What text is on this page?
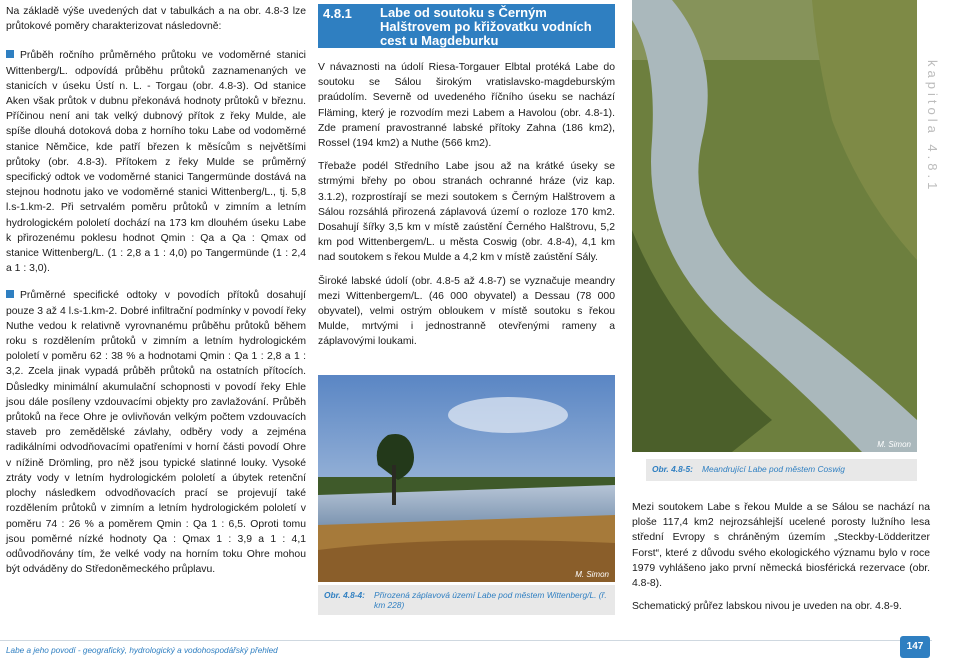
Na základě výše uvedených dat v tabulkách a na obr. 4.8-3 lze průtokové poměry charakterizovat následovně:

Průběh ročního průměrného průtoku ve vodoměrné stanici Wittenberg/L. odpovídá průběhu průtoků zaznamenaných ve stanicích v úseku Ústí n. L. - Torgau (obr. 4.8-3). Od stanice Aken však průtok v dubnu překonává hodnoty průtoků v březnu. Příčinou není ani tak velký dubnový přítok z řeky Mulde, ale spíše dlouhá dotoková doba z horního toku Labe od vodoměrné stanice Němčice, kde patří březen k měsícům s největšími průtoky (obr. 4.8-3). Přítokem z řeky Mulde se průměrný specifický odtok ve vodoměrné stanici Tangermünde dostává na stejnou hodnotu jako ve vodoměrné stanici Wittenberg/L., tj. 5,8 l.s-1.km-2. Při setrvalém poměru průtoků v zimním a letním hydrologickém pololetí dochází na 173 km dlouhém úseku Labe k přirozenému poklesu hodnot Qmin : Qa a Qa : Qmax od stanice Wittenberg/L. (1 : 2,8 a 1 : 4,0) po Tangermünde (1 : 2,4 a 1 : 3,0).

Průměrné specifické odtoky v povodích přítoků dosahují pouze 3 až 4 l.s-1.km-2. Dobré infiltrační podmínky v povodí řeky Nuthe vedou k relativně vyrovnanému průběhu průtoků během roku s rozdělením průtoků v zimním a letním hydrologickém pololetí v poměru 62 : 38 % a hodnotami Qmin : Qa 1 : 2,8 a 1 : 3,2. Zcela jinak vypadá průběh průtoků na ostatních přítocích. Důsledky minimální akumulační schopnosti v povodí řeky Ehle jsou dále posíleny vzdouvacími objekty pro zavlažování. Průběh průtoků na řece Ohre je ovlivňován velkým počtem vzdouvacích staveb pro zemědělské závlahy, odběry vody a zejména radikálními odvodňovacími opatřeními v horní části povodí Ohre v nížině Drömling, pro něž jsou typické slatinné louky. Vysoké ztráty vody v letním hydrologickém pololetí a úbytek retenční plochy následkem odvodňovacích prací se projevují také rozdělením průtoků v zimním a letním hydrologickém pololetí v poměru 74 : 26 % a poměrem Qmin : Qa 1 : 6,5. Oproti tomu jsou poměrné nízké hodnoty Qa : Qmax 1 : 3,9 a 1 : 4,1 odůvodňovány tím, že velké vody na horním toku Ohre mohou být odváděny do Středoněmeckého průplavu.

4.8.1 Labe od soutoku s Černým Halštrovem po křižovatku vodních cest u Magdeburku

V návaznosti na údolí Riesa-Torgauer Elbtal protéká Labe do soutoku se Sálou širokým vratislavsko-magdeburským praúdolím. Severně od uvedeného říčního úseku se nachází Fläming, který je rozvodím mezi Labem a Havolou (obr. 4.8-1). Zde pramení pravostranné labské přítoky Zahna (186 km2), Rossel (194 km2) a Nuthe (566 km2).

Třebaže podél Středního Labe jsou až na krátké úseky se strmými břehy po obou stranách ochranné hráze (viz kap. 3.1.2), rozprostírají se mezi soutokem s Černým Halštrovem a Sálou rozsáhlá přirozená záplavová území o rozloze 170 km2. Dosahují šířky 3,5 km v místě zaústění Černého Halštrovu, 5,2 km pod Wittenbergem/L. u města Coswig (obr. 4.8-4), 4,1 km nad soutokem s řekou Mulde a 4,2 km v místě zaústění Sály.

Široké labské údolí (obr. 4.8-5 až 4.8-7) se vyznačuje meandry mezi Wittenbergem/L. (46 000 obyvatel) a Dessau (78 000 obyvatel), velmi ostrým obloukem v místě soutoku s řekou Mulde, mrtvými i jednostranně otevřenými rameny a záplavovými loukami.

M. Simon
Obr. 4.8-4: Přirozená záplavová území Labe pod městem Wittenberg/L. (ř. km 228)
M. Simon
Obr. 4.8-5: Meandrující Labe pod městem Coswig

Mezi soutokem Labe s řekou Mulde a se Sálou se nachází na ploše 117,4 km2 nejrozsáhlejší ucelené porosty lužního lesa střední Evropy s chráněným územím „Steckby-Lödderitzer Forst“, které z důvodu svého ekologického významu bylo v roce 1979 vyhlášeno jako první německá biosférická rezervace (obr. 4.8-8).

Schematický průřez labskou nivou je uveden na obr. 4.8-9.

kapitola 4.8.1
Labe a jeho povodí - geografický, hydrologický a vodohospodářský přehled	147
